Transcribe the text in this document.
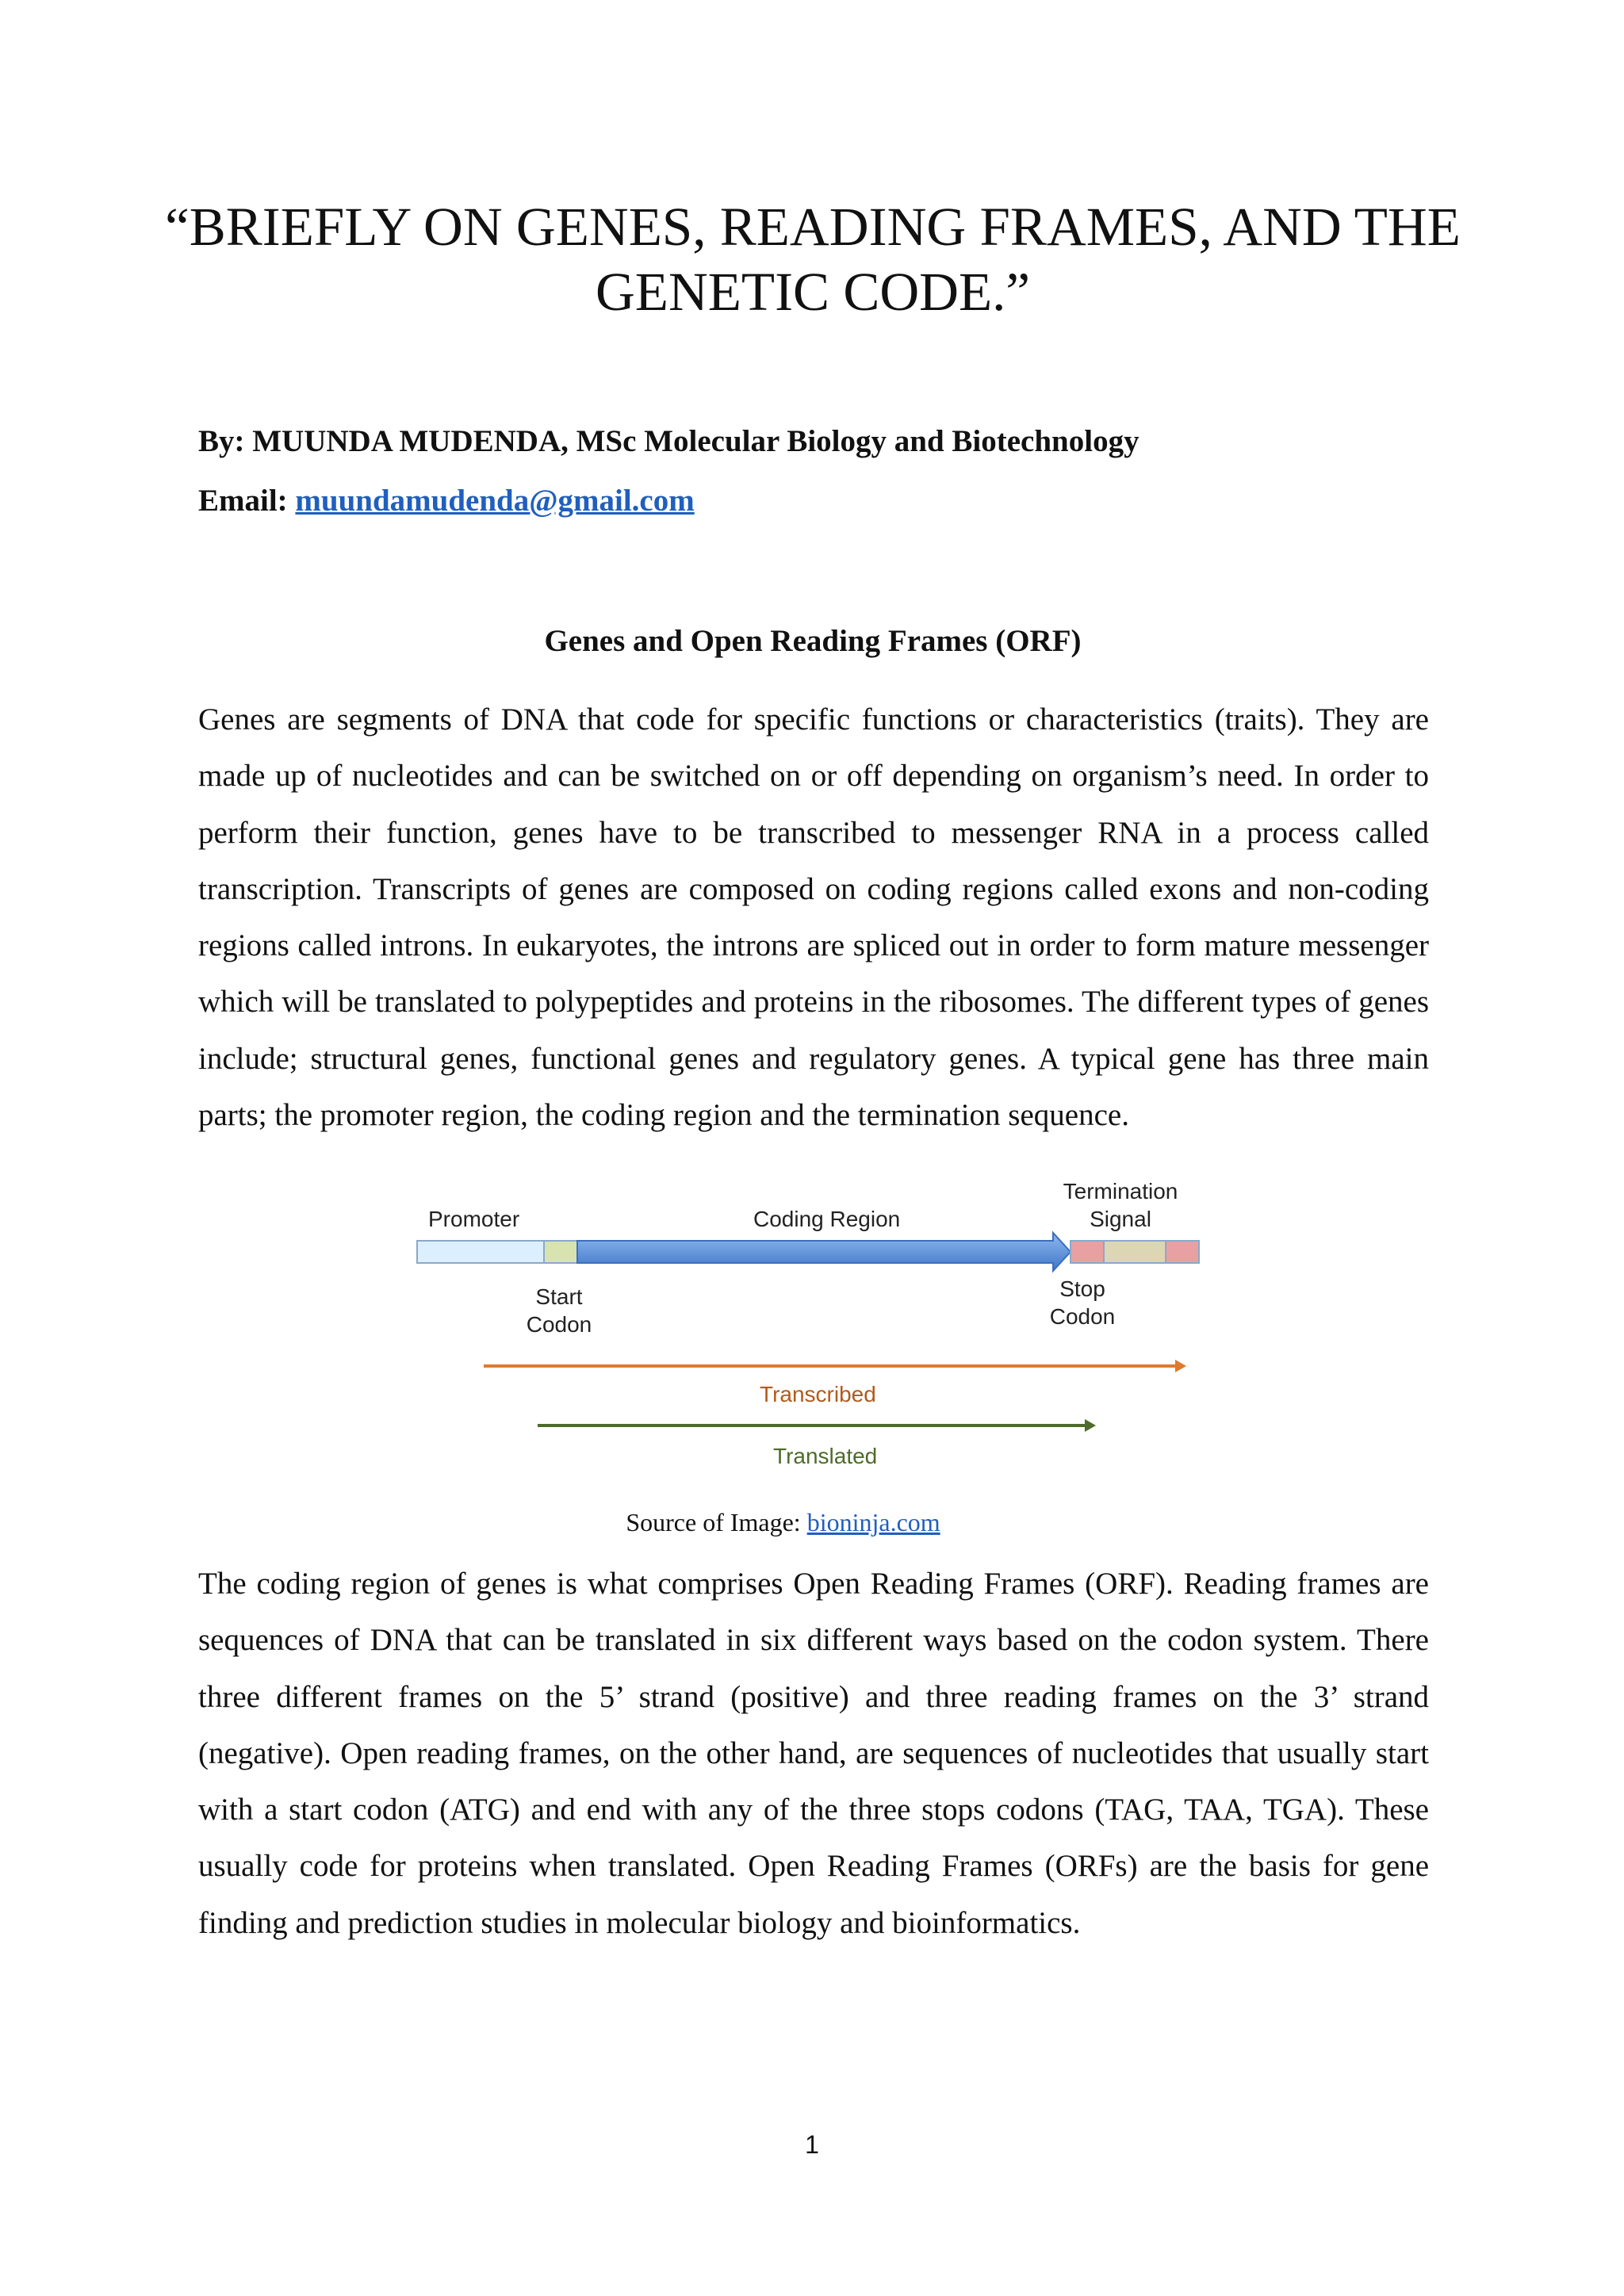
“BRIEFLY ON GENES, READING FRAMES, AND THE GENETIC CODE.”
By: MUUNDA MUDENDA, MSc Molecular Biology and Biotechnology
Email: muundamudenda@gmail.com
Genes and Open Reading Frames (ORF)

Genes are segments of DNA that code for specific functions or characteristics (traits). They are made up of nucleotides and can be switched on or off depending on organism’s need. In order to perform their function, genes have to be transcribed to messenger RNA in a process called transcription. Transcripts of genes are composed on coding regions called exons and non-coding regions called introns. In eukaryotes, the introns are spliced out in order to form mature messenger which will be translated to polypeptides and proteins in the ribosomes. The different types of genes include; structural genes, functional genes and regulatory genes. A typical gene has three main parts; the promoter region, the coding region and the termination sequence.

Promoter	Coding Region
Termination
Signal
Start
Codon
Stop
Codon
Transcribed
Translated
Source of Image: bioninja.com

The coding region of genes is what comprises Open Reading Frames (ORF). Reading frames are sequences of DNA that can be translated in six different ways based on the codon system. There three different frames on the 5’ strand (positive) and three reading frames on the 3’ strand (negative). Open reading frames, on the other hand, are sequences of nucleotides that usually start with a start codon (ATG) and end with any of the three stops codons (TAG, TAA, TGA). These usually code for proteins when translated. Open Reading Frames (ORFs) are the basis for gene finding and prediction studies in molecular biology and bioinformatics.

1
